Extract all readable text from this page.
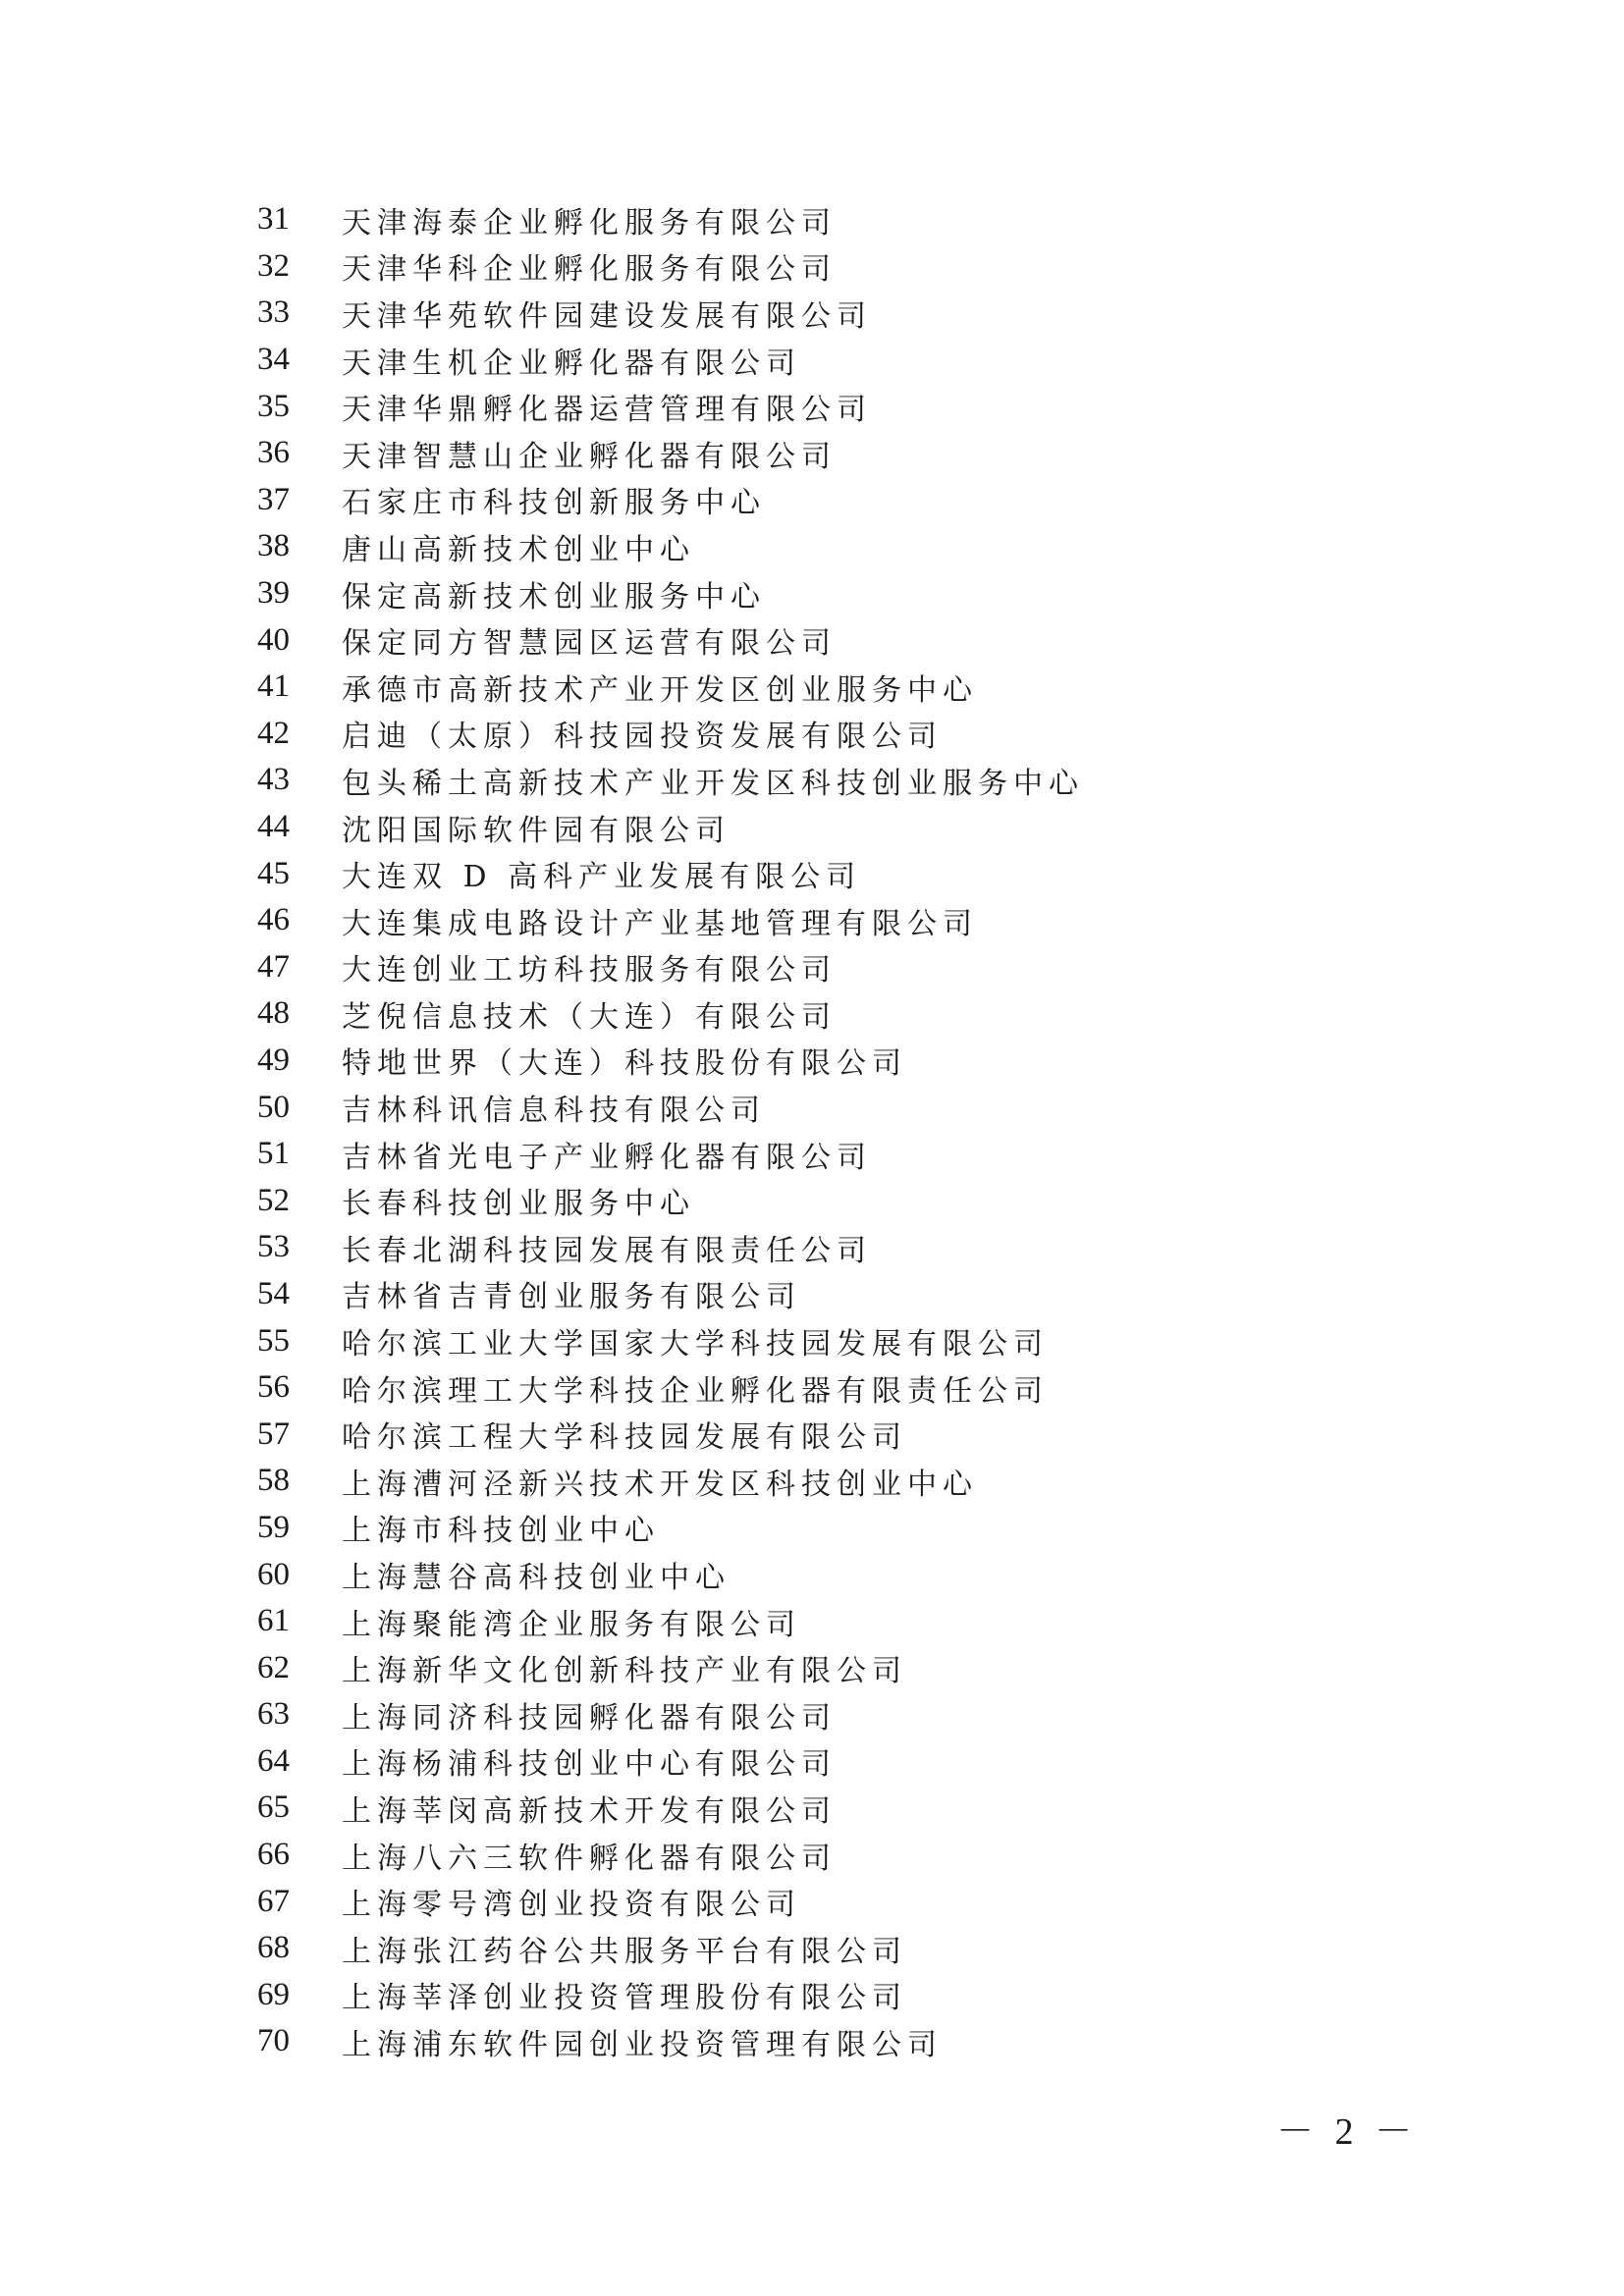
31	天津海泰企业孵化服务有限公司
32	天津华科企业孵化服务有限公司
33	天津华苑软件园建设发展有限公司
34	天津生机企业孵化器有限公司
35	天津华鼎孵化器运营管理有限公司
36	天津智慧山企业孵化器有限公司
37	石家庄市科技创新服务中心
38	唐山高新技术创业中心
39	保定高新技术创业服务中心
40	保定同方智慧园区运营有限公司
41	承德市高新技术产业开发区创业服务中心
42	启迪（太原）科技园投资发展有限公司
43	包头稀土高新技术产业开发区科技创业服务中心
44	沈阳国际软件园有限公司
45	大连双 D 高科产业发展有限公司
46	大连集成电路设计产业基地管理有限公司
47	大连创业工坊科技服务有限公司
48	芝倪信息技术（大连）有限公司
49	特地世界（大连）科技股份有限公司
50	吉林科讯信息科技有限公司
51	吉林省光电子产业孵化器有限公司
52	长春科技创业服务中心
53	长春北湖科技园发展有限责任公司
54	吉林省吉青创业服务有限公司
55	哈尔滨工业大学国家大学科技园发展有限公司
56	哈尔滨理工大学科技企业孵化器有限责任公司
57	哈尔滨工程大学科技园发展有限公司
58	上海漕河泾新兴技术开发区科技创业中心
59	上海市科技创业中心
60	上海慧谷高科技创业中心
61	上海聚能湾企业服务有限公司
62	上海新华文化创新科技产业有限公司
63	上海同济科技园孵化器有限公司
64	上海杨浦科技创业中心有限公司
65	上海莘闵高新技术开发有限公司
66	上海八六三软件孵化器有限公司
67	上海零号湾创业投资有限公司
68	上海张江药谷公共服务平台有限公司
69	上海莘泽创业投资管理股份有限公司
70	上海浦东软件园创业投资管理有限公司
－ 2 －
